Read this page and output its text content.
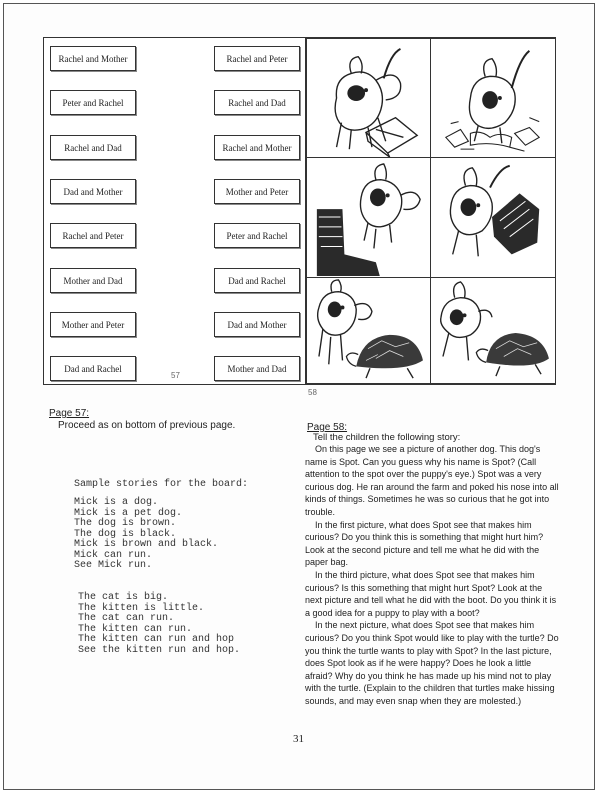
57
Rachel and Mother
Peter and Rachel
Rachel and Dad
Dad and Mother
Rachel and Peter
Mother and Dad
Mother and Peter
Dad and Rachel
Rachel and Peter
Rachel and Dad
Rachel and Mother
Mother and Peter
Peter and Rachel
Dad and Rachel
Dad and Mother
Mother and Dad
58
Page 57:
Proceed as on bottom of previous page.
Sample stories for the board:
Mick is a dog.
Mick is a pet dog.
The dog is brown.
The dog is black.
Mick is brown and black.
Mick can run.
See Mick run.
The cat is big.
The kitten is little.
The cat can run.
The kitten can run.
The kitten can run and hop
See the kitten run and hop.
Page 58:
Tell the children the following story:

On this page we see a picture of another dog. This dog's name is Spot. Can you guess why his name is Spot? (Call attention to the spot over the puppy's eye.) Spot was a very curious dog. He ran around the farm and poked his nose into all kinds of things. Sometimes he was so curious that he got into trouble.

In the first picture, what does Spot see that makes him curious? Do you think this is something that might hurt him? Look at the second picture and tell me what he did with the paper bag.

In the third picture, what does Spot see that makes him curious? Is this something that might hurt Spot? Look at the next picture and tell what he did with the boot. Do you think it is a good idea for a puppy to play with a boot?

In the next picture, what does Spot see that makes him curious? Do you think Spot would like to play with the turtle? Do you think the turtle wants to play with Spot? In the last picture, does Spot look as if he were happy? Does he look a little afraid? Why do you think he has made up his mind not to play with the turtle. (Explain to the children that turtles make hissing sounds, and may even snap when they are molested.)

31
